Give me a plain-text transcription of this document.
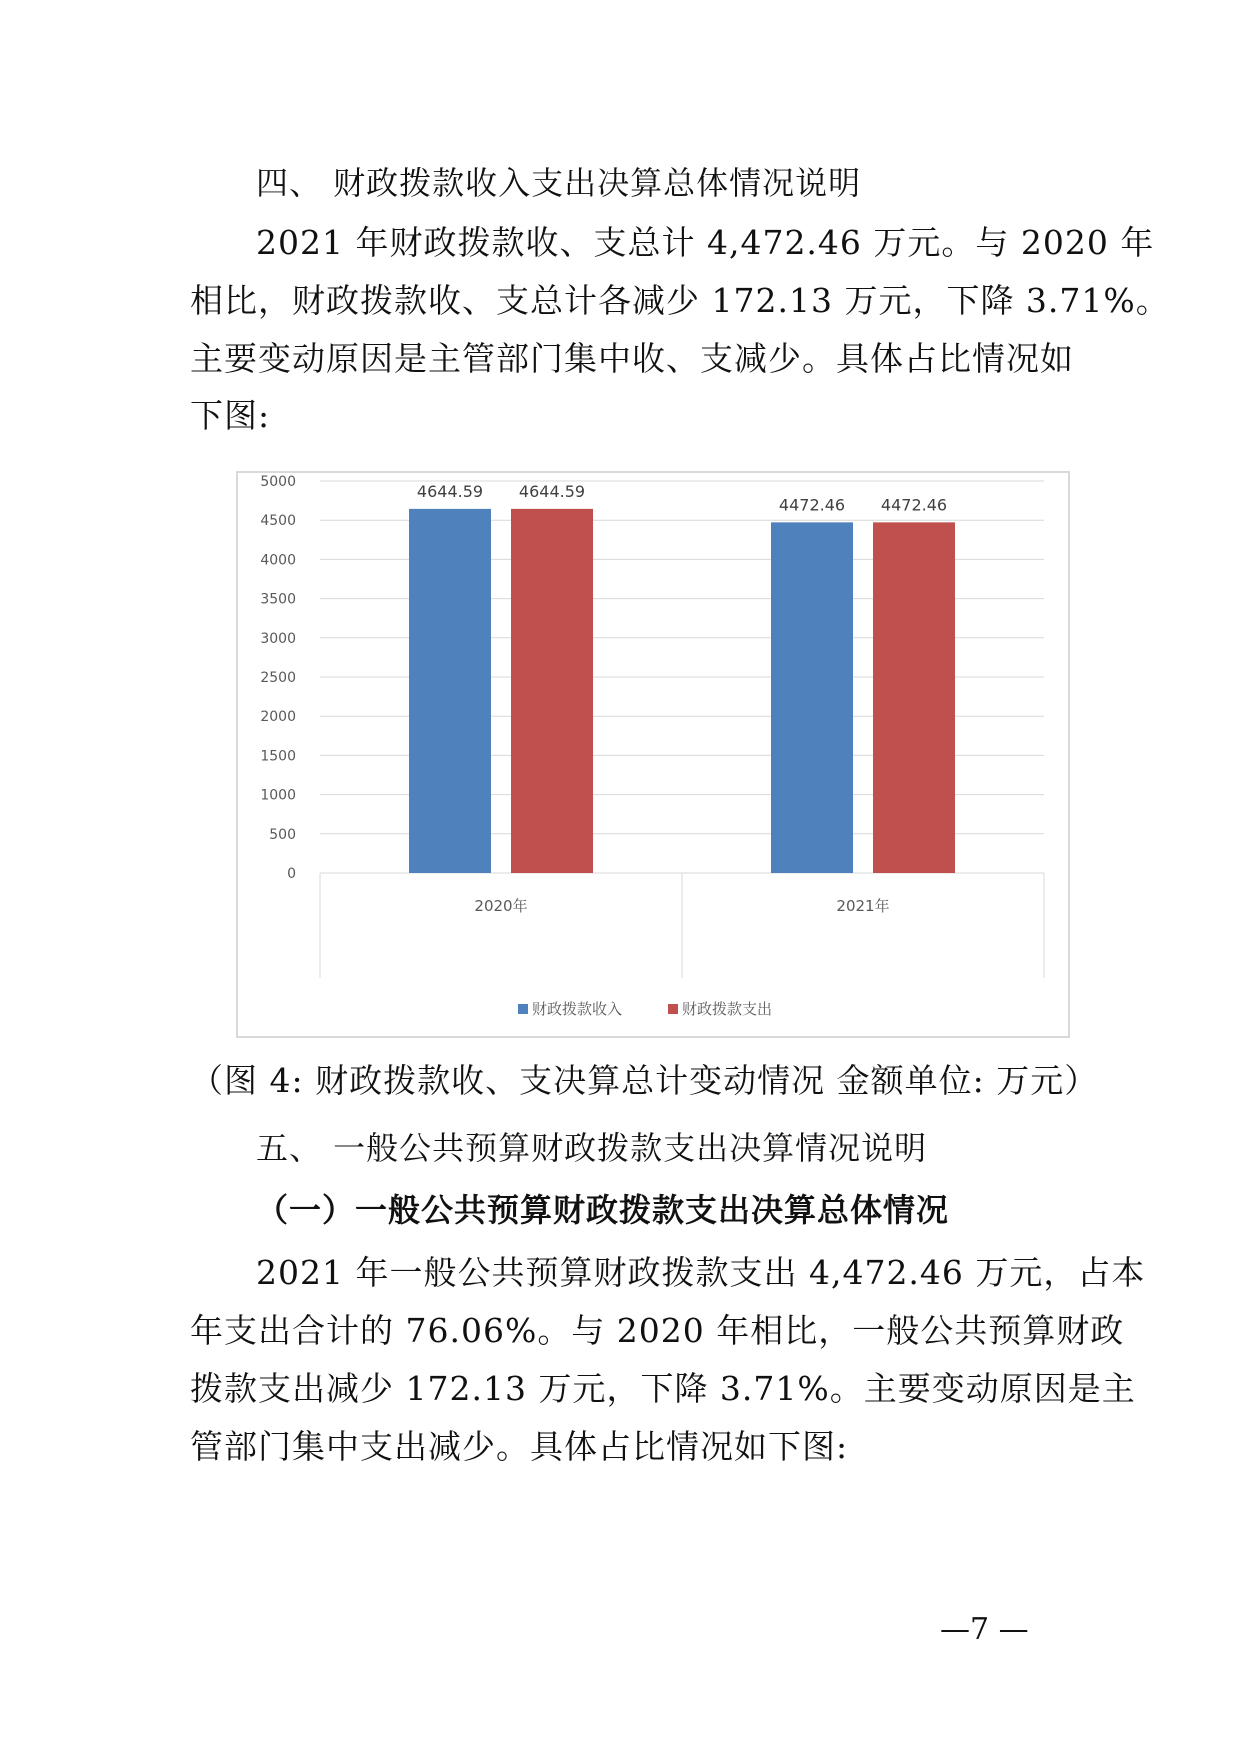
四、 财政拨款收入支出决算总体情况说明
2021 年财政拨款收、支总计 4,472.46 万元。与 2020 年
相比，财政拨款收、支总计各减少 172.13 万元，下降 3.71%。
主要变动原因是主管部门集中收、支减少。具体占比情况如
下图:
5000
4500
4000
3500
3000
2500
2000
1500
1000
500
0
4644.59 4644.59
2020年
4472.46 4472.46
2021年
财政拨款收入	财政拨款支出
（图 4: 财政拨款收、支决算总计变动情况 金额单位: 万元）
五、 一般公共预算财政拨款支出决算情况说明
（一）一般公共预算财政拨款支出决算总体情况
2021 年一般公共预算财政拨款支出 4,472.46 万元，占本
年支出合计的 76.06%。与 2020 年相比，一般公共预算财政
拨款支出减少 172.13 万元，下降 3.71%。主要变动原因是主
管部门集中支出减少。具体占比情况如下图:
—7 —
